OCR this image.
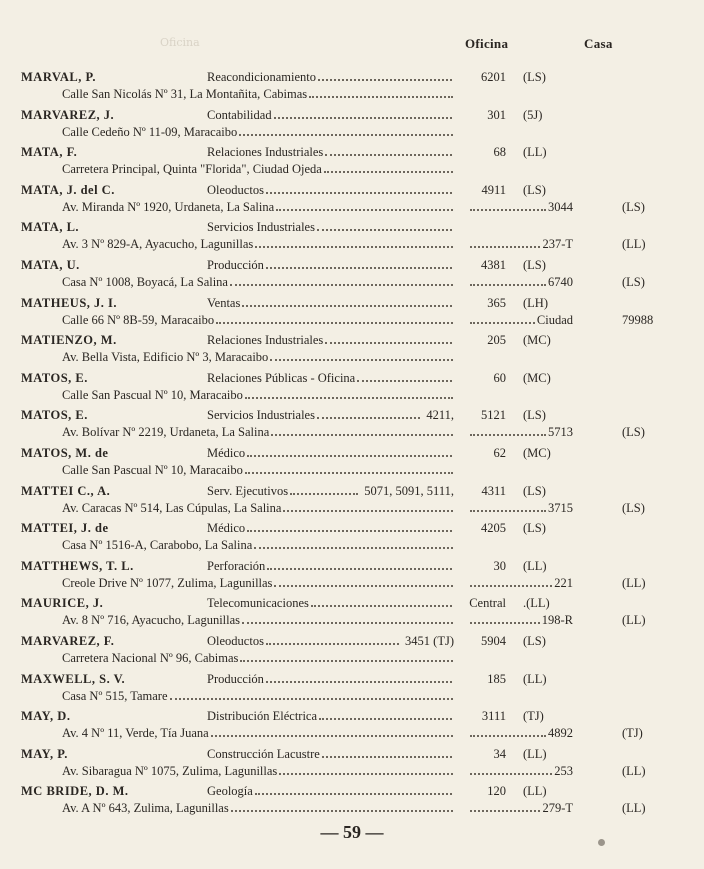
Oficina	Oficina	Casa
MARVAL, P.	Reacondicionamiento	6201 (LS)
Calle San Nicolás Nº 31, La Montañita, Cabimas
MARVAREZ, J.	Contabilidad	301 (5J)
Calle Cedeño Nº 11-09, Maracaibo
MATA, F.	Relaciones Industriales	68 (LL)
Carretera Principal, Quinta "Florida", Ciudad Ojeda
MATA, J. del C.	Oleoductos	4911 (LS)
Av. Miranda Nº 1920, Urdaneta, La Salina	3044	(LS)
MATA, L.	Servicios Industriales
Av. 3 Nº 829-A, Ayacucho, Lagunillas	237-T	(LL)
MATA, U.	Producción	4381 (LS)
Casa Nº 1008, Boyacá, La Salina	6740	(LS)
MATHEUS, J. I.	Ventas	365 (LH)
Calle 66 Nº 8B-59, Maracaibo	Ciudad	79988
MATIENZO, M.	Relaciones Industriales	205 (MC)
Av. Bella Vista, Edificio Nº 3, Maracaibo
MATOS, E.	Relaciones Públicas - Oficina	60 (MC)
Calle San Pascual Nº 10, Maracaibo
MATOS, E.	Servicios Industriales	4211,	5121 (LS)
Av. Bolívar Nº 2219, Urdaneta, La Salina	5713	(LS)
MATOS, M. de	Médico	62 (MC)
Calle San Pascual Nº 10, Maracaibo
MATTEI C., A.	Serv. Ejecutivos	5071, 5091, 5111,	4311 (LS)
Av. Caracas Nº 514, Las Cúpulas, La Salina	3715	(LS)
MATTEI, J. de	Médico	4205 (LS)
Casa Nº 1516-A, Carabobo, La Salina
MATTHEWS, T. L.	Perforación	30 (LL)
Creole Drive Nº 1077, Zulima, Lagunillas	221	(LL)
MAURICE, J.	Telecomunicaciones	Central .(LL)
Av. 8 Nº 716, Ayacucho, Lagunillas	198-R	(LL)
MARVAREZ, F.	Oleoductos	3451 (TJ)	5904 (LS)
Carretera Nacional Nº 96, Cabimas
MAXWELL, S. V.	Producción	185 (LL)
Casa Nº 515, Tamare
MAY, D.	Distribución Eléctrica	3111 (TJ)
Av. 4 Nº 11, Verde, Tía Juana	4892	(TJ)
MAY, P.	Construcción Lacustre	34 (LL)
Av. Sibaragua Nº 1075, Zulima, Lagunillas	253	(LL)
MC BRIDE, D. M.	Geología	120 (LL)
Av. A Nº 643, Zulima, Lagunillas	279-T	(LL)
— 59 —
